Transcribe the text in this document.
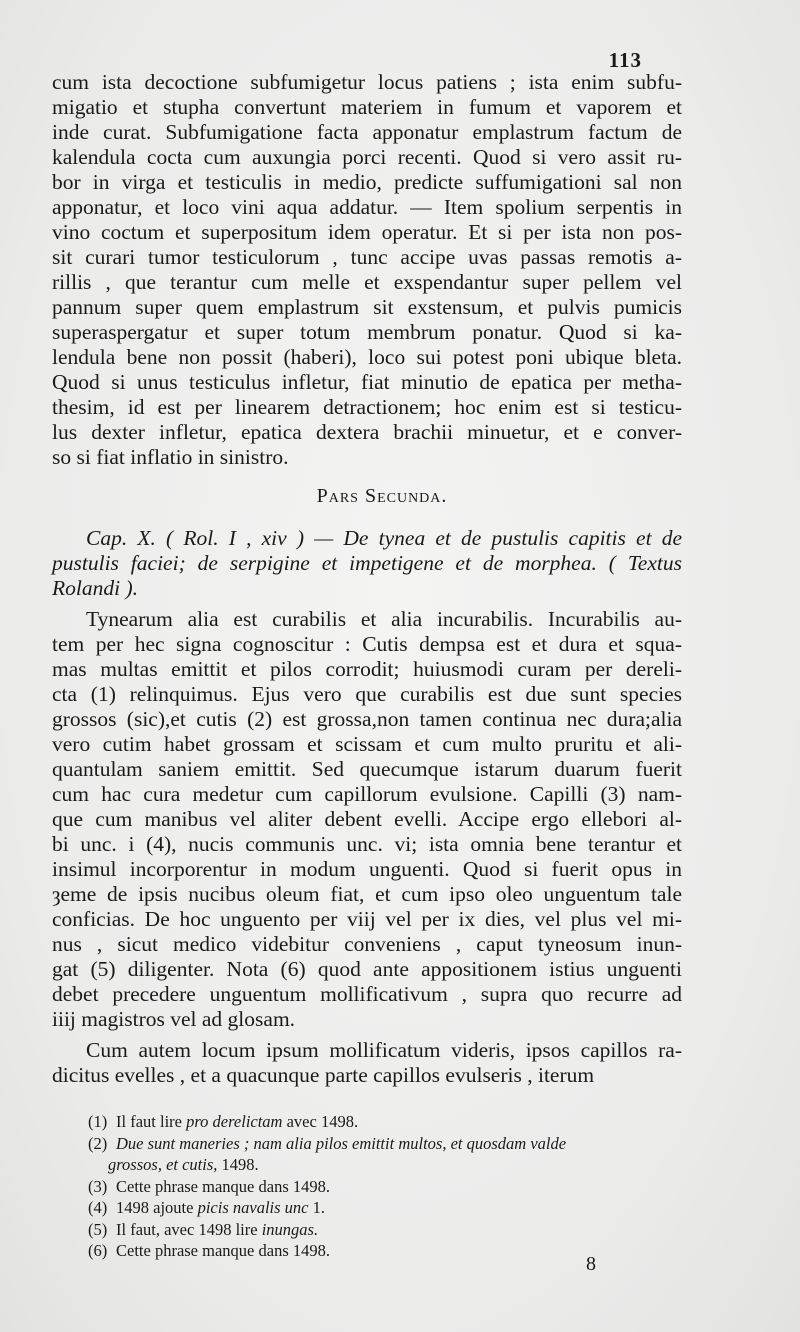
113
cum ista decoctione subfumigetur locus patiens ; ista enim subfu-
migatio et stupha convertunt materiem in fumum et vaporem et
inde curat. Subfumigatione facta apponatur emplastrum factum de
kalendula cocta cum auxungia porci recenti. Quod si vero assit ru-
bor in virga et testiculis in medio, predicte suffumigationi sal non
apponatur, et loco vini aqua addatur. — Item spolium serpentis in
vino coctum et superpositum idem operatur. Et si per ista non pos-
sit curari tumor testiculorum , tunc accipe uvas passas remotis a-
rillis , que terantur cum melle et exspendantur super pellem vel
pannum super quem emplastrum sit exstensum, et pulvis pumicis
superaspergatur et super totum membrum ponatur. Quod si ka-
lendula bene non possit (haberi), loco sui potest poni ubique bleta.
Quod si unus testiculus infletur, fiat minutio de epatica per metha-
thesim, id est per linearem detractionem; hoc enim est si testicu-
lus dexter infletur, epatica dextera brachii minuetur, et e conver-
so si fiat inflatio in sinistro.
Pars Secunda.
Cap. X. ( Rol. I , xiv ) — De tynea et de pustulis capitis et de
pustulis faciei; de serpigine et impetigene et de morphea. ( Textus
Rolandi ).
Tynearum alia est curabilis et alia incurabilis. Incurabilis au-
tem per hec signa cognoscitur : Cutis dempsa est et dura et squa-
mas multas emittit et pilos corrodit; huiusmodi curam per dereli-
cta (1) relinquimus. Ejus vero que curabilis est due sunt species
grossos (sic),et cutis (2) est grossa,non tamen continua nec dura;alia
vero cutim habet grossam et scissam et cum multo pruritu et ali-
quantulam saniem emittit. Sed quecumque istarum duarum fuerit
cum hac cura medetur cum capillorum evulsione. Capilli (3) nam-
que cum manibus vel aliter debent evelli. Accipe ergo ellebori al-
bi unc. i (4), nucis communis unc. vi; ista omnia bene terantur et
insimul incorporentur in modum unguenti. Quod si fuerit opus in
ȝeme de ipsis nucibus oleum fiat, et cum ipso oleo unguentum tale
conficias. De hoc unguento per viij vel per ix dies, vel plus vel mi-
nus , sicut medico videbitur conveniens , caput tyneosum inun-
gat (5) diligenter. Nota (6) quod ante appositionem istius unguenti
debet precedere unguentum mollificativum , supra quo recurre ad
iiij magistros vel ad glosam.
Cum autem locum ipsum mollificatum videris, ipsos capillos ra-
dicitus evelles , et a quacunque parte capillos evulseris , iterum
(1) Il faut lire pro derelictam avec 1498.
(2) Due sunt maneries ; nam alia pilos emittit multos, et quosdam valde
grossos, et cutis, 1498.
(3) Cette phrase manque dans 1498.
(4) 1498 ajoute picis navalis unc 1.
(5) Il faut, avec 1498 lire inungas.
(6) Cette phrase manque dans 1498.
8
